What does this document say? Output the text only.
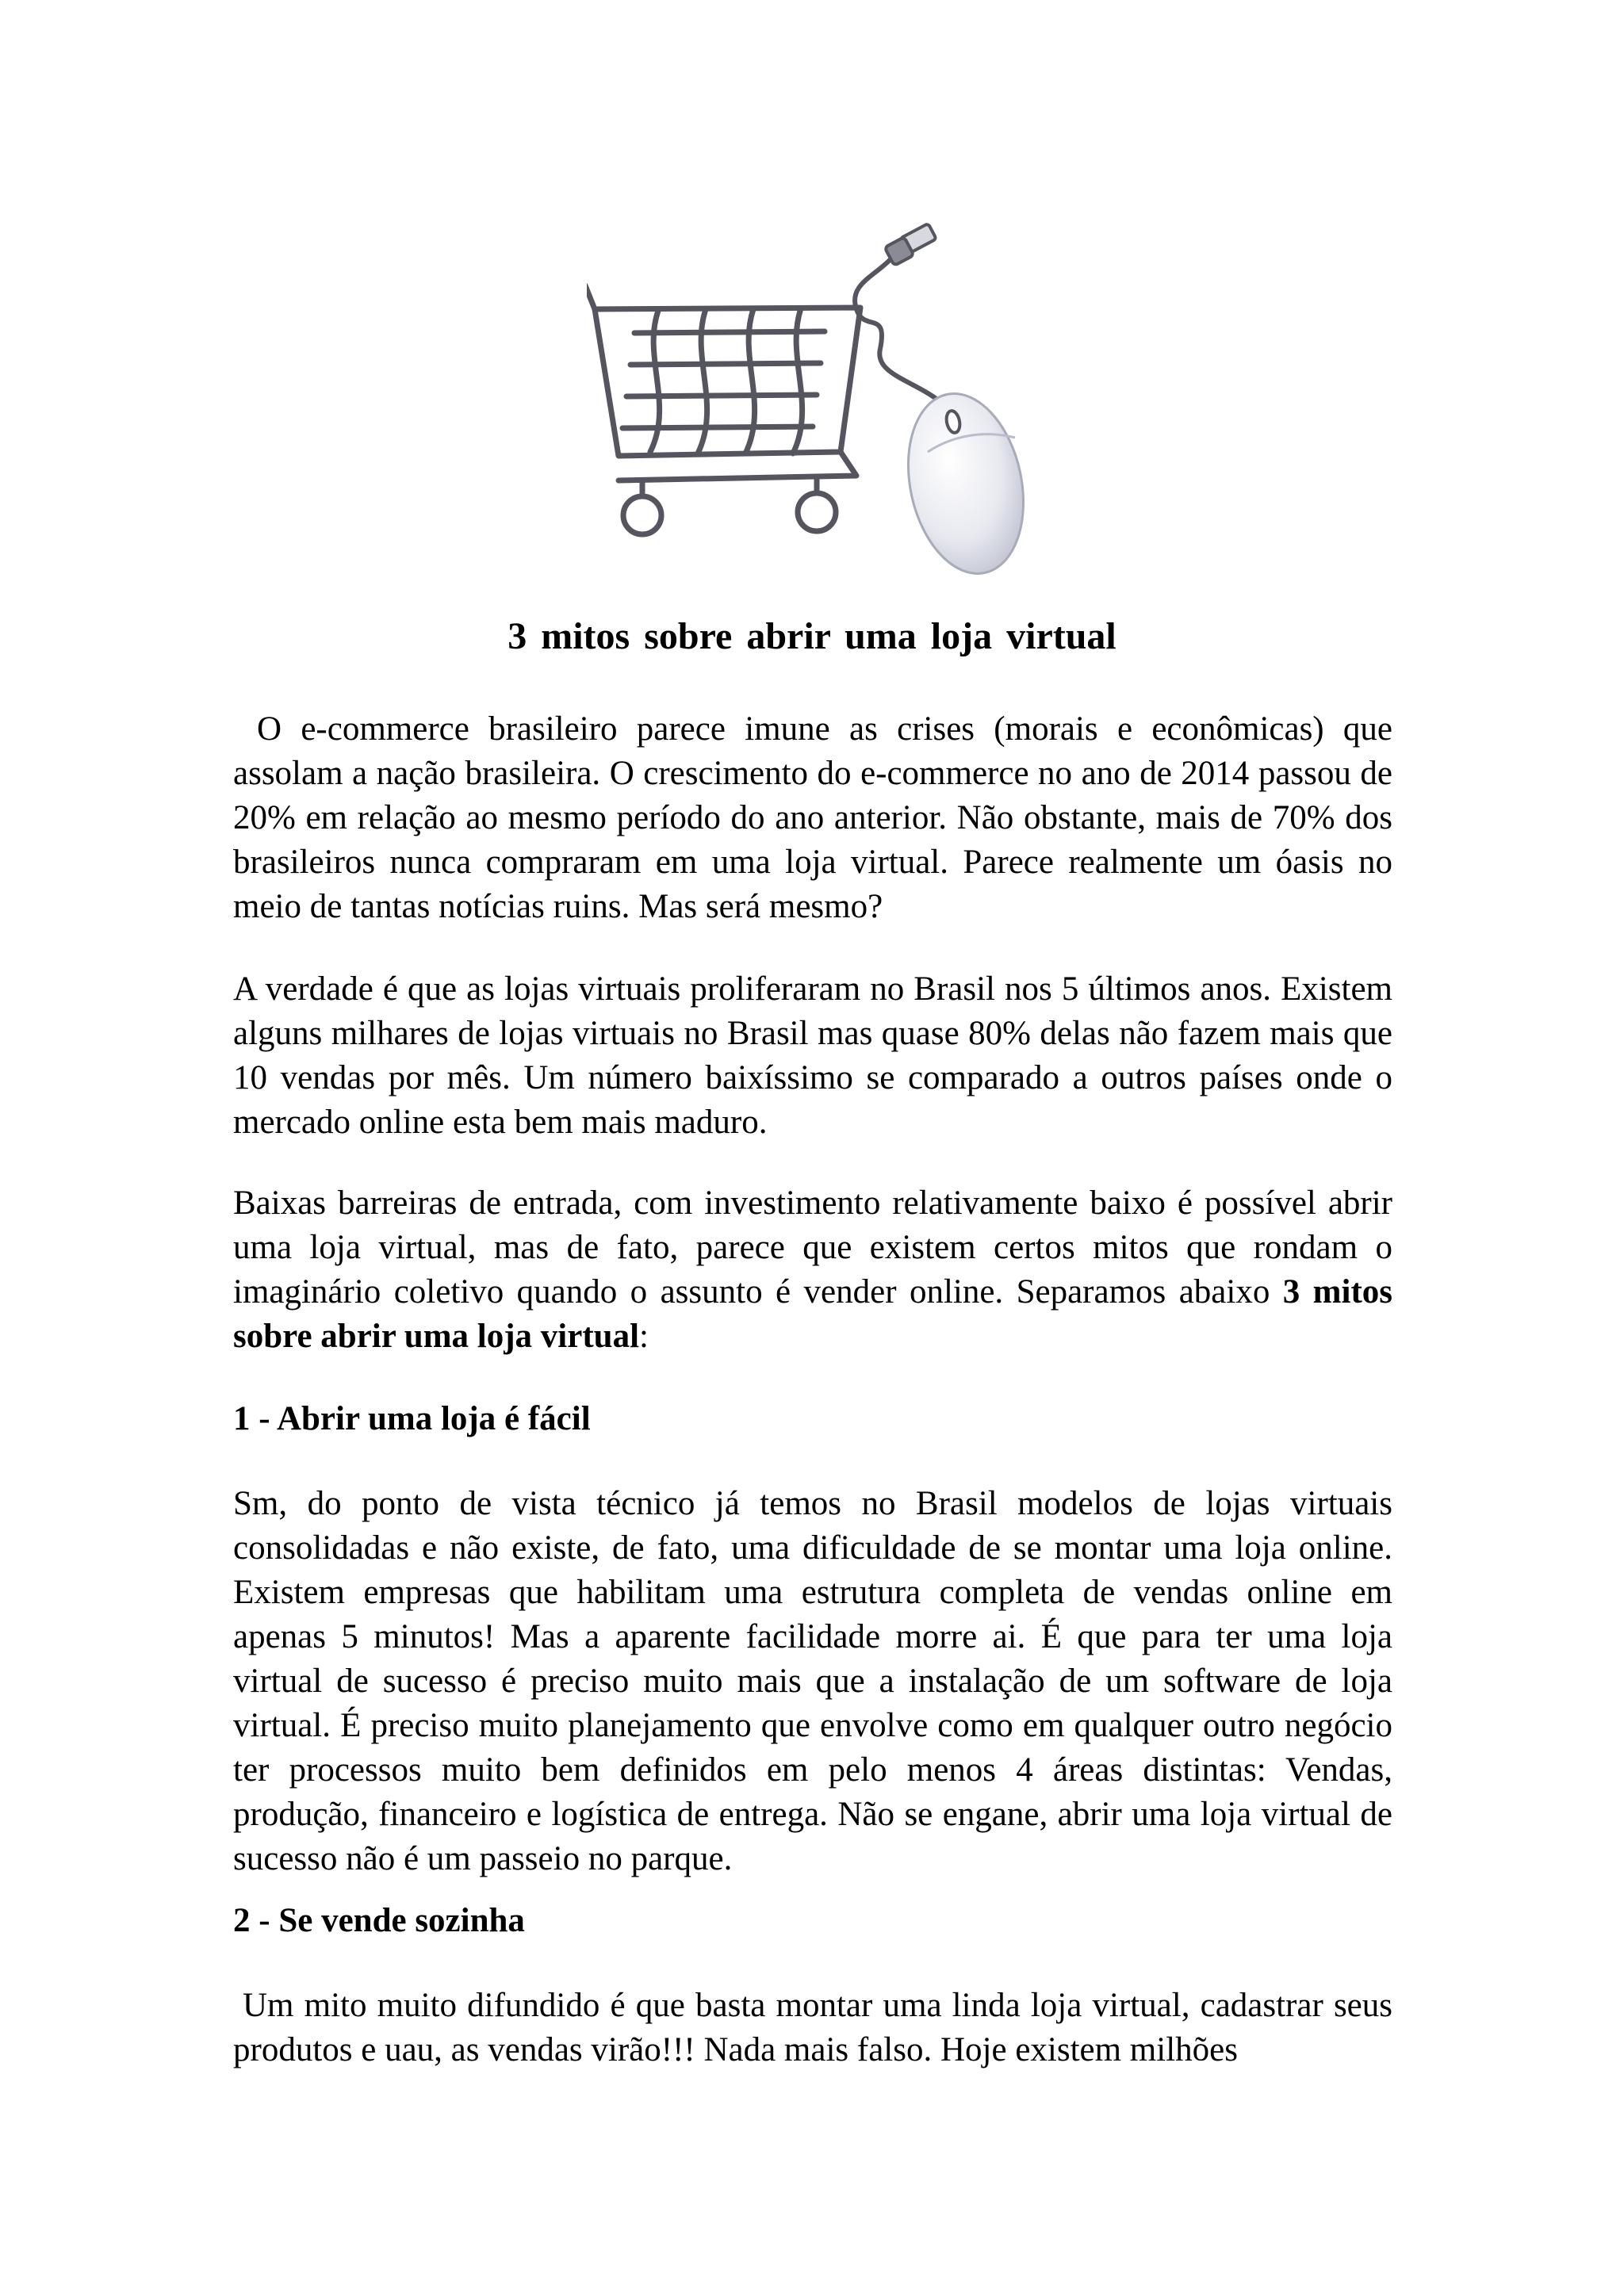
3 mitos sobre abrir uma loja virtual

O e-commerce brasileiro parece imune as crises (morais e econômicas) que assolam a nação brasileira. O crescimento do e-commerce no ano de 2014 passou de 20% em relação ao mesmo período do ano anterior. Não obstante, mais de 70% dos brasileiros nunca compraram em uma loja virtual. Parece realmente um óasis no meio de tantas notícias ruins. Mas será mesmo?

A verdade é que as lojas virtuais proliferaram no Brasil nos 5 últimos anos. Existem alguns milhares de lojas virtuais no Brasil mas quase 80% delas não fazem mais que 10 vendas por mês. Um número baixíssimo se comparado a outros países onde o mercado online esta bem mais maduro.

Baixas barreiras de entrada, com investimento relativamente baixo é possível abrir uma loja virtual, mas de fato, parece que existem certos mitos que rondam o imaginário coletivo quando o assunto é vender online. Separamos abaixo 3 mitos sobre abrir uma loja virtual:

1 - Abrir uma loja é fácil

Sm, do ponto de vista técnico já temos no Brasil modelos de lojas virtuais consolidadas e não existe, de fato, uma dificuldade de se montar uma loja online. Existem empresas que habilitam uma estrutura completa de vendas online em apenas 5 minutos! Mas a aparente facilidade morre ai. É que para ter uma loja virtual de sucesso é preciso muito mais que a instalação de um software de loja virtual. É preciso muito planejamento que envolve como em qualquer outro negócio ter processos muito bem definidos em pelo menos 4 áreas distintas: Vendas, produção, financeiro e logística de entrega. Não se engane, abrir uma loja virtual de sucesso não é um passeio no parque.

2 - Se vende sozinha

Um mito muito difundido é que basta montar uma linda loja virtual, cadastrar seus produtos e uau, as vendas virão!!! Nada mais falso. Hoje existem milhões
